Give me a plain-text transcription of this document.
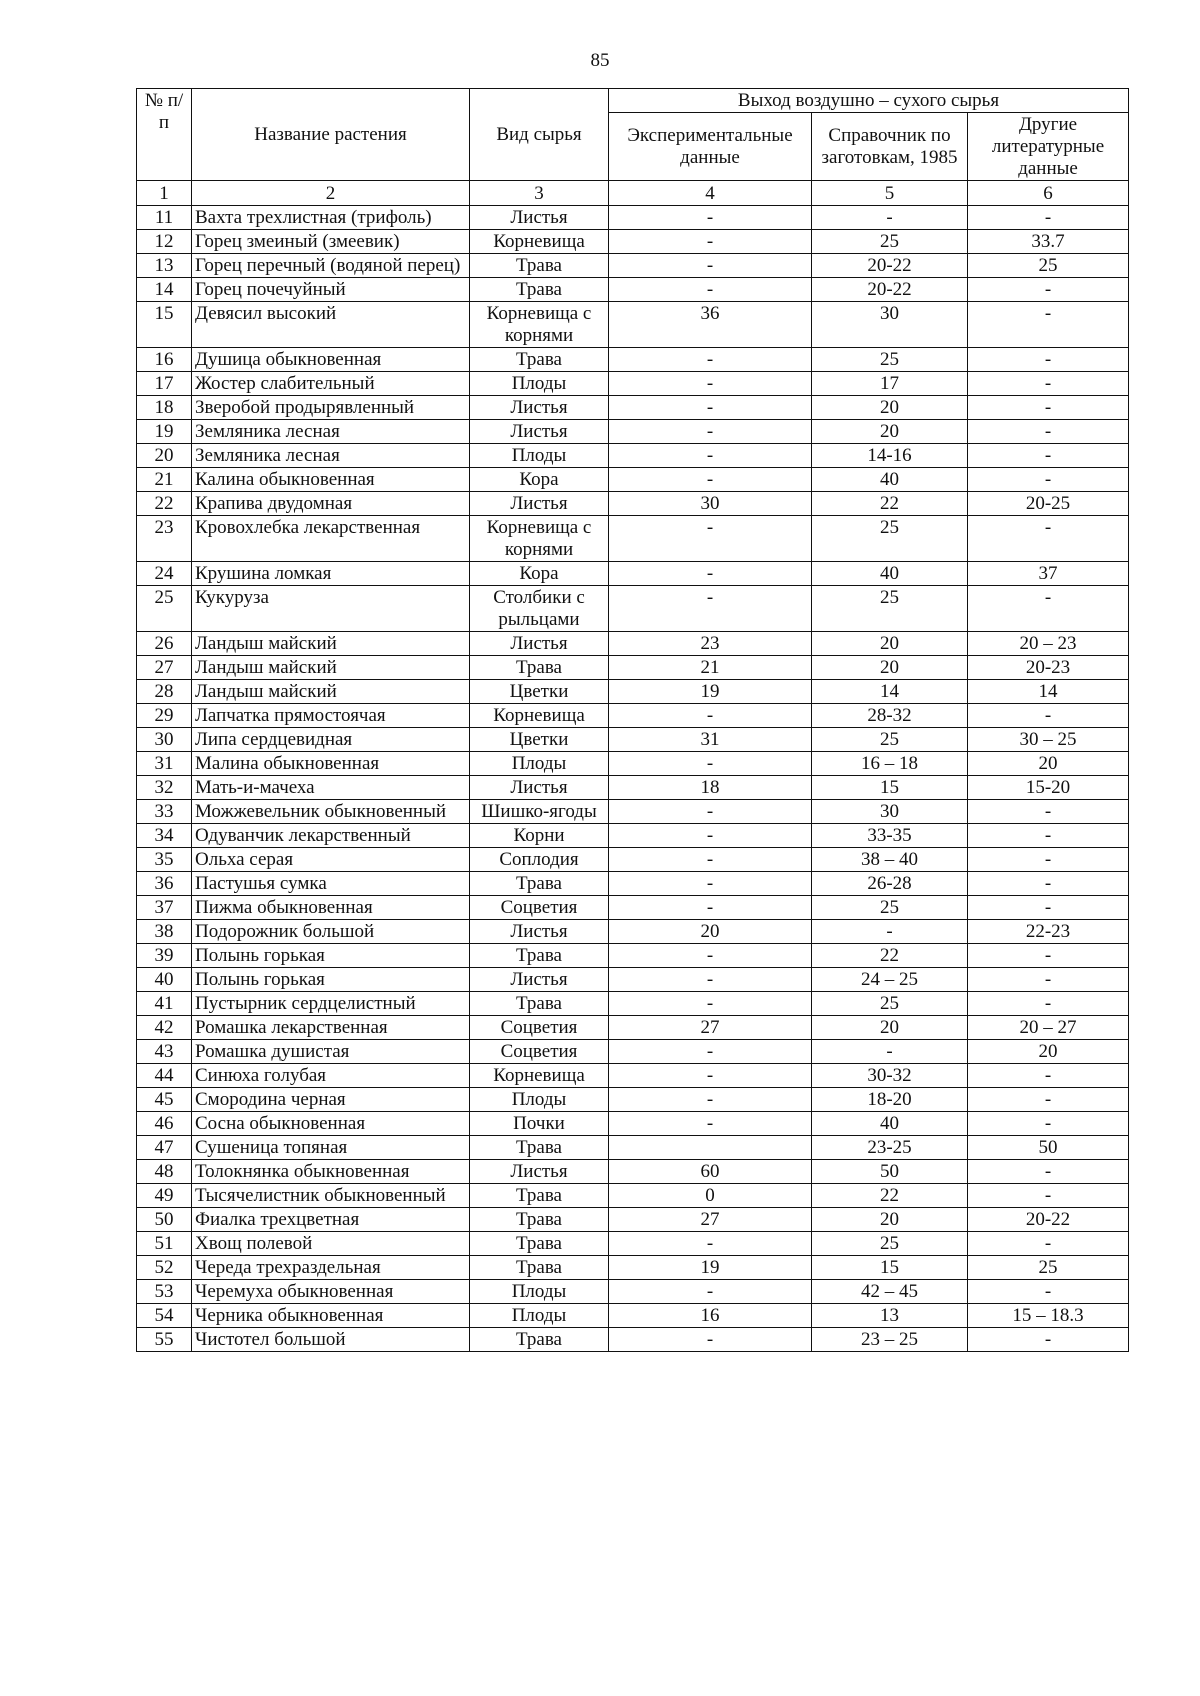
85
№ п/п	Название растения	Вид сырья	Выход воздушно – сухого сырья		
			Экспериментальные данные	Справочник по заготовкам, 1985	Другие литературные данные
1	2	3	4	5	6
11	Вахта трехлистная (трифоль)	Листья	-	-	-
12	Горец змеиный (змеевик)	Корневища	-	25	33.7
13	Горец перечный (водяной перец)	Трава	-	20-22	25
14	Горец почечуйный	Трава	-	20-22	-
15	Девясил высокий	Корневища с корнями	36	30	-
16	Душица обыкновенная	Трава	-	25	-
17	Жостер слабительный	Плоды	-	17	-
18	Зверобой продырявленный	Листья	-	20	-
19	Земляника лесная	Листья	-	20	-
20	Земляника лесная	Плоды	-	14-16	-
21	Калина обыкновенная	Кора	-	40	-
22	Крапива двудомная	Листья	30	22	20-25
23	Кровохлебка лекарственная	Корневища с корнями	-	25	-
24	Крушина ломкая	Кора	-	40	37
25	Кукуруза	Столбики с рыльцами	-	25	-
26	Ландыш майский	Листья	23	20	20 – 23
27	Ландыш майский	Трава	21	20	20-23
28	Ландыш майский	Цветки	19	14	14
29	Лапчатка прямостоячая	Корневища	-	28-32	-
30	Липа сердцевидная	Цветки	31	25	30 – 25
31	Малина обыкновенная	Плоды	-	16 – 18	20
32	Мать-и-мачеха	Листья	18	15	15-20
33	Можжевельник обыкновенный	Шишко-ягоды	-	30	-
34	Одуванчик лекарственный	Корни	-	33-35	-
35	Ольха серая	Соплодия	-	38 – 40	-
36	Пастушья сумка	Трава	-	26-28	-
37	Пижма обыкновенная	Соцветия	-	25	-
38	Подорожник большой	Листья	20	-	22-23
39	Полынь горькая	Трава	-	22	-
40	Полынь горькая	Листья	-	24 – 25	-
41	Пустырник сердцелистный	Трава	-	25	-
42	Ромашка лекарственная	Соцветия	27	20	20 – 27
43	Ромашка душистая	Соцветия	-	-	20
44	Синюха голубая	Корневища	-	30-32	-
45	Смородина черная	Плоды	-	18-20	-
46	Сосна обыкновенная	Почки	-	40	-
47	Сушеница топяная	Трава		23-25	50
48	Толокнянка обыкновенная	Листья	60	50	-
49	Тысячелистник обыкновенный	Трава	0	22	-
50	Фиалка трехцветная	Трава	27	20	20-22
51	Хвощ полевой	Трава	-	25	-
52	Череда трехраздельная	Трава	19	15	25
53	Черемуха обыкновенная	Плоды	-	42 – 45	-
54	Черника обыкновенная	Плоды	16	13	15 – 18.3
55	Чистотел большой	Трава	-	23 – 25	-
